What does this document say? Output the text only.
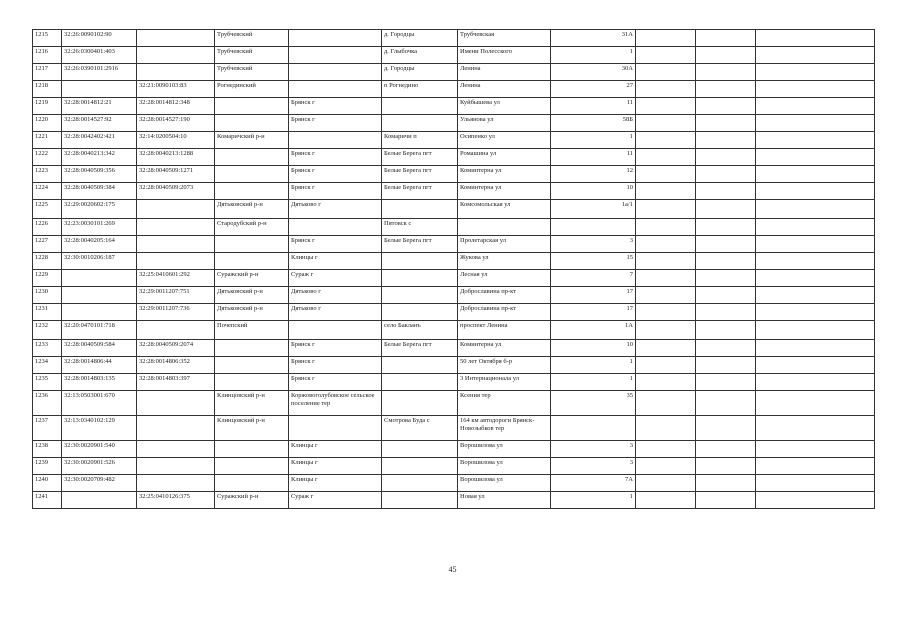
1215	32:26:0090102:90		Трубчевский		д. Городцы	Трубчевская	31А			
1216	32:26:0300401:403		Трубчевский		д. Глыбочка	Имени Полесского	1			
1217	32:26:0390101:2916		Трубчевский		д. Городцы	Ленина	30А			
1218		32:21:0090103:83	Рогнединский		п Рогнедино	Ленина	27			
1219	32:28:0014812:21	32:28:0014812:348		Брянск г		Куйбышева ул	11			
1220	32:28:0014527:92	32:28:0014527:190		Брянск г		Ульянова ул	58Б			
1221	32:28:0042402:421	32:14:0200504:10	Комаричский р-н		Комаричи п	Осипенко ул	1			
1222	32:28:0040213:342	32:28:0040213:1288		Брянск г	Белые Берега пгт	Ромашина ул	11			
1223	32:28:0040509:356	32:28:0040509:1271		Брянск г	Белые Берега пгт	Коминтерна ул	12			
1224	32:28:0040509:384	32:28:0040509:2073		Брянск г	Белые Берега пгт	Коминтерна ул	10			
1225	32:29:0020602:175		Дятьковский р-н	Дятьково г		Комсомольская ул	1а/1			
1226	32:23:0030101:269		Стародубский р-н		Пятовск с					
1227	32:28:0040205:164			Брянск г	Белые Берега пгт	Пролетарская ул	3			
1228	32:30:0010206:187			Клинцы г		Жукова ул	15			
1229		32:25:0410601:292	Суражский р-н	Сураж г		Лесная ул	7			
1230		32:29:0011207:751	Дятьковский р-н	Дятьково г		Доброславина пр-кт	17			
1231		32:29:0011207:736	Дятьковский р-н	Дятьково г		Доброславина пр-кт	17			
1232	32:20:0470101:718		Почепский		село Бакланъ	проспект Ленина	1А			
1233	32:28:0040509:584	32:28:0040509:2074		Брянск г	Белые Берега пгт	Коминтерна ул	10			
1234	32:28:0014806:44	32:28:0014806:352		Брянск г		50 лет Октября б-р	1			
1235	32:28:0014803:135	32:28:0014803:397		Брянск г		3 Интернационала ул	1			
1236	32:13:0503001:670		Клинцовский р-н	Коржовоголубовское сельское поселение тер		Ксения тер	35			
1237	32:13:0340102:129		Клинцовский р-н		Смотрова Буда с	164 км автодороги Брянск-Новозыбков тер				
1238	32:30:0020901:540			Клинцы г		Ворошилова ул	3			
1239	32:30:0020901:526			Клинцы г		Ворошилова ул	3			
1240	32:30:0020709:482			Клинцы г		Ворошилова ул	7А			
1241		32:25:0410126:375	Суражский р-н	Сураж г		Новая ул	1			
45
